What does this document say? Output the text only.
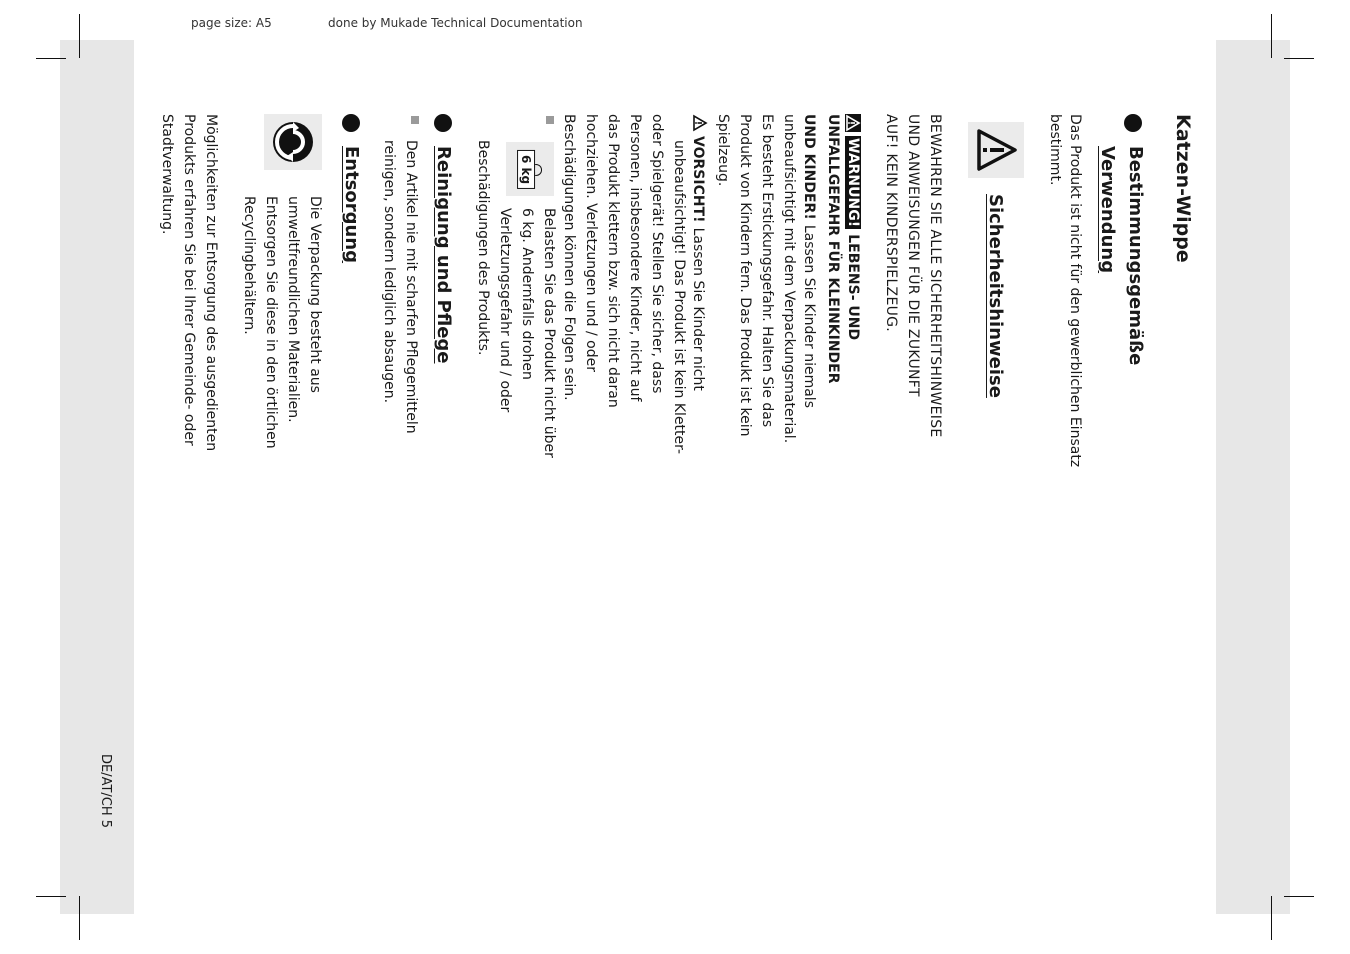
page size: A5	done by Mukade Technical Documentation
Katzen-Wippe
Bestimmungsgemäße
Verwendung
Das Produkt ist nicht für den gewerblichen Einsatz
bestimmt.
Sicherheitshinweise
BEWAHREN SIE ALLE SICHERHEITSHINWEISE
UND ANWEISUNGEN FÜR DIE ZUKUNFT
AUF! KEIN KINDERSPIELZEUG.
WARNUNG! LEBENS- UND
UNFALLGEFAHR FÜR KLEINKINDER
UND KINDER! Lassen Sie Kinder niemals
unbeaufsichtigt mit dem Verpackungsmaterial.
Es besteht Erstickungsgefahr. Halten Sie das
Produkt von Kindern fern. Das Produkt ist kein
Spielzeug.
VORSICHT! Lassen Sie Kinder nicht
unbeaufsichtigt! Das Produkt ist kein Kletter-
oder Spielgerät! Stellen Sie sicher, dass
Personen, insbesondere Kinder, nicht auf
das Produkt klettern bzw. sich nicht daran
hochziehen. Verletzungen und / oder
Beschädigungen können die Folgen sein.
6 kg
Belasten Sie das Produkt nicht über
6 kg. Andernfalls drohen
Verletzungsgefahr und / oder
Beschädigungen des Produkts.
Reinigung und Pflege
Den Artikel nie mit scharfen Pflegemitteln
reinigen, sondern lediglich absaugen.
Entsorgung
Die Verpackung besteht aus
umweltfreundlichen Materialien.
Entsorgen Sie diese in den örtlichen
Recyclingbehältern.
Möglichkeiten zur Entsorgung des ausgedienten
Produkts erfahren Sie bei Ihrer Gemeinde- oder
Stadtverwaltung.
DE/AT/CH 5
